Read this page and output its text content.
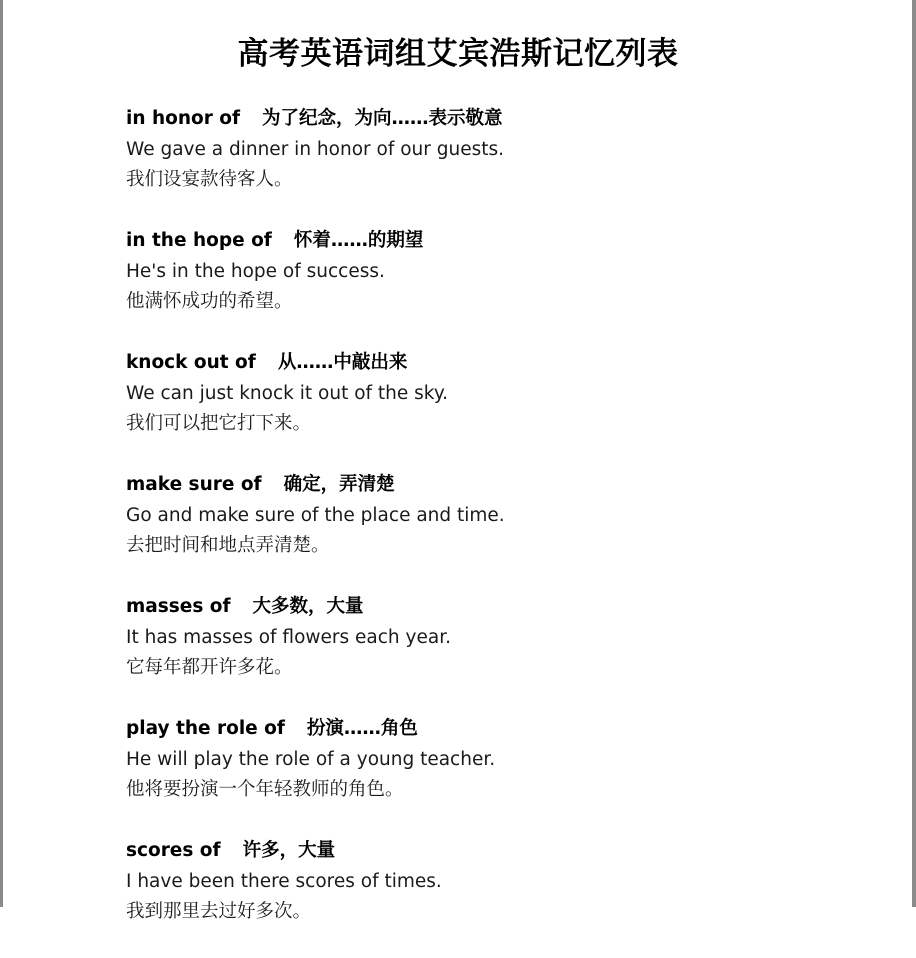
高考英语词组艾宾浩斯记忆列表
in honor of 为了纪念，为向……表示敬意
We gave a dinner in honor of our guests.
我们设宴款待客人。
in the hope of 怀着……的期望
He's in the hope of success.
他满怀成功的希望。
knock out of 从……中敲出来
We can just knock it out of the sky.
我们可以把它打下来。
make sure of 确定，弄清楚
Go and make sure of the place and time.
去把时间和地点弄清楚。
masses of 大多数，大量
It has masses of flowers each year.
它每年都开许多花。
play the role of 扮演……角色
He will play the role of a young teacher.
他将要扮演一个年轻教师的角色。
scores of 许多，大量
I have been there scores of times.
我到那里去过好多次。
